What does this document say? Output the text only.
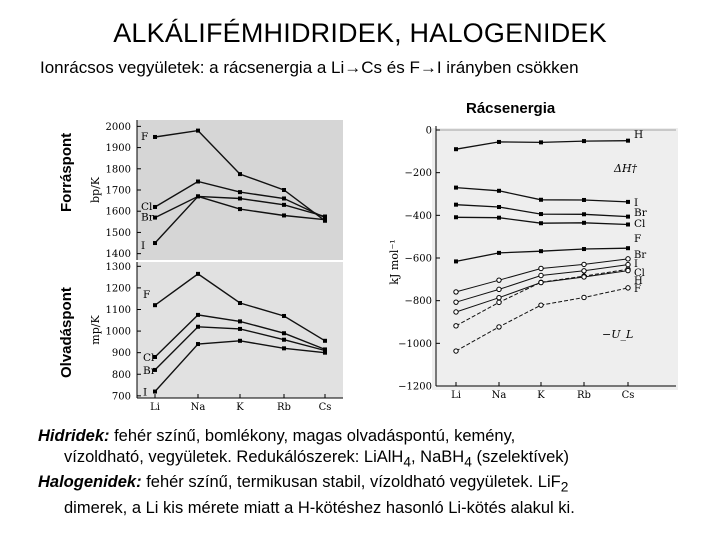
ALKÁLIFÉMHIDRIDEK, HALOGENIDEK
Ionrácsos vegyületek: a rácsenergia a Li→Cs és F→I irányben csökken
Forráspont
Olvadáspont
Rácsenergia
2000
1900
1800
1700
1600
1500
1400
bp/K
1300
1200
1100
1000
900
800
700
Li	Na	K	Rb	Cs
mp/K
0
−200
−400
−600
−800
−1000
−1200
Li	Na	K	Rb	Cs
kJ mol⁻¹
F
Cl
Br
I
F
Cl
Br
I
H
I
Br
Cl
F
Br
I
Cl
H
F
ΔH†
−U_L

Hidridek: fehér színű, bomlékony, magas olvadáspontú, kemény,

vízoldható, vegyületek. Redukálószerek: LiAlH$_4$, NaBH$_4$ (szelektívek)

Halogenidek: fehér színű, termikusan stabil, vízoldható vegyületek. LiF$_2$

dimerek, a Li kis mérete miatt a H-kötéshez hasonló Li-kötés alakul ki.
